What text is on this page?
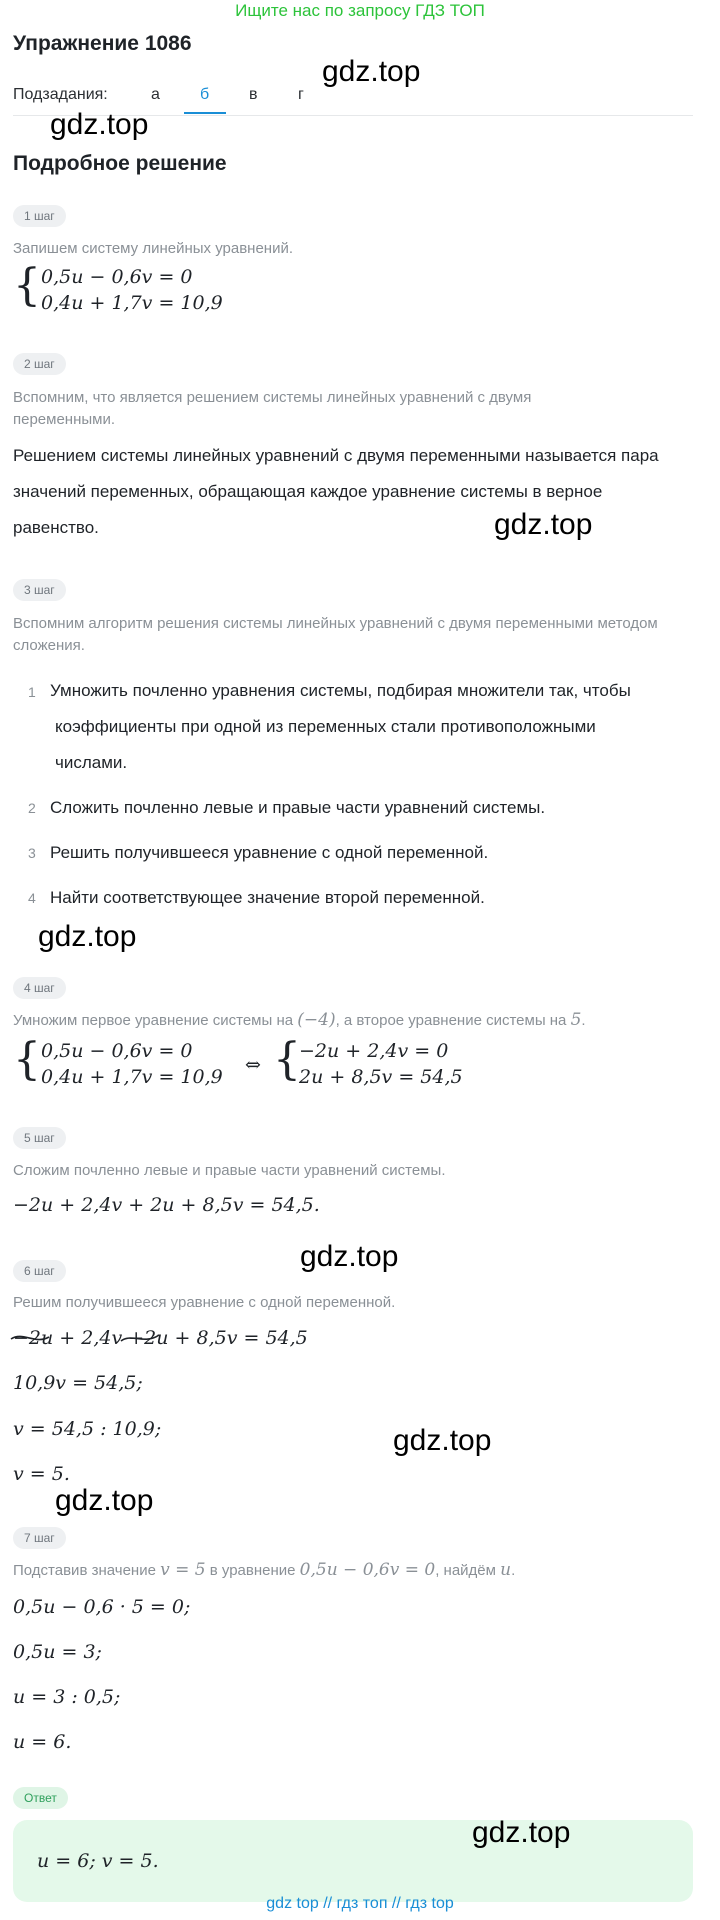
Ищите нас по запросу ГДЗ ТОП
Упражнение 1086
Подзадания:	а	б в	г
gdz.top
gdz.top
Подробное решение
1 шаг
Запишем систему линейных уравнений.
{ 0,5u − 0,6v = 0
0,4u + 1,7v = 10,9
2 шаг
Вспомним, что является решением системы линейных уравнений с двумя переменными.
Решением системы линейных уравнений с двумя переменными называется пара значений переменных, обращающая каждое уравнение системы в верное равенство.	gdz.top
3 шаг
Вспомним алгоритм решения системы линейных уравнений с двумя переменными методом сложения.
1 Умножить почленно уравнения системы, подбирая множители так, чтобы
коэффициенты при одной из переменных стали противоположными
числами.
2 Сложить почленно левые и правые части уравнений системы.
3 Решить получившееся уравнение с одной переменной.
4 Найти соответствующее значение второй переменной.
gdz.top
4 шаг
Умножим первое уравнение системы на (−4), а второе уравнение системы на 5.
{ 0,5u − 0,6v = 0
0,4u + 1,7v = 10,9
⇔ {
−2u + 2,4v = 0
2u + 8,5v = 54,5
5 шаг
Сложим почленно левые и правые части уравнений системы.
−2u + 2,4v + 2u + 8,5v = 54,5.
gdz.top
6 шаг
Решим получившееся уравнение с одной переменной.
−2u + 2,4v +2u + 8,5v = 54,5
10,9v = 54,5;
v = 54,5 : 10,9;
v = 5.
gdz.top
gdz.top
7 шаг
Подставив значение v = 5 в уравнение 0,5u − 0,6v = 0, найдём u.
0,5u − 0,6 · 5 = 0;
0,5u = 3;
u = 3 : 0,5;
u = 6.
Ответ
u = 6; v = 5.
gdz.top
gdz top // гдз топ // гдз top
